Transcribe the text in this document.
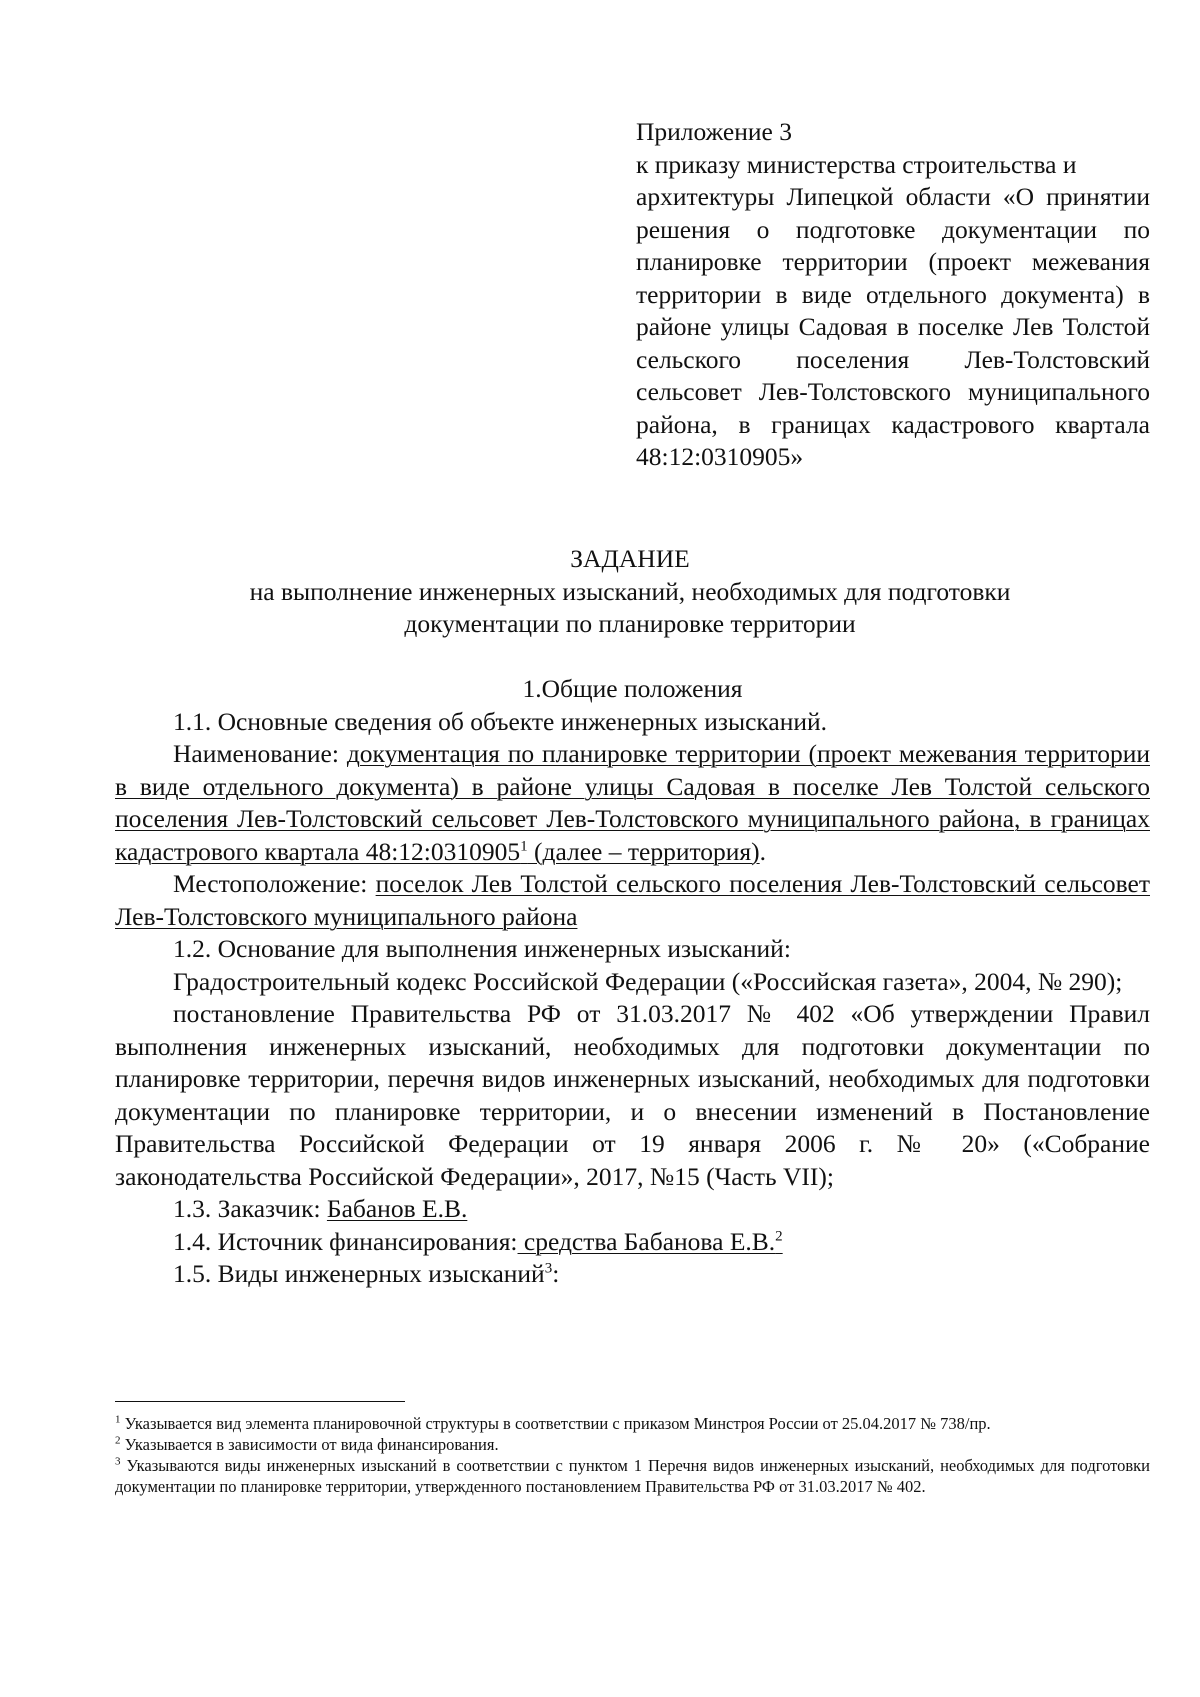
Приложение 3
к приказу министерства строительства и
архитектуры Липецкой области «О принятии решения о подготовке документации по планировке территории (проект межевания территории в виде отдельного документа) в районе улицы Садовая в поселке Лев Толстой сельского поселения Лев-Толстовский сельсовет Лев-Толстовского муниципального района, в границах кадастрового квартала 48:12:0310905»
ЗАДАНИЕ
на выполнение инженерных изысканий, необходимых для подготовки
документации по планировке территории
1.Общие положения

1.1. Основные сведения об объекте инженерных изысканий.

Наименование: документация по планировке территории (проект межевания территории в виде отдельного документа) в районе улицы Садовая в поселке Лев Толстой сельского поселения Лев-Толстовский сельсовет Лев-Толстовского муниципального района, в границах кадастрового квартала 48:12:0310905$^1$ (далее – территория).

Местоположение: поселок Лев Толстой сельского поселения Лев-Толстовский сельсовет Лев-Толстовского муниципального района

1.2. Основание для выполнения инженерных изысканий:

Градостроительный кодекс Российской Федерации («Российская газета», 2004, № 290);

постановление Правительства РФ от 31.03.2017 № 402 «Об утверждении Правил выполнения инженерных изысканий, необходимых для подготовки документации по планировке территории, перечня видов инженерных изысканий, необходимых для подготовки документации по планировке территории, и о внесении изменений в Постановление Правительства Российской Федерации от 19 января 2006 г. № 20» («Собрание законодательства Российской Федерации», 2017, №15 (Часть VII);

1.3. Заказчик: Бабанов Е.В.

1.4. Источник финансирования: средства Бабанова Е.В.$^2$

1.5. Виды инженерных изысканий$^3$:

$^1$ Указывается вид элемента планировочной структуры в соответствии с приказом Минстроя России от 25.04.2017 № 738/пр.
$^2$ Указывается в зависимости от вида финансирования.
$^3$ Указываются виды инженерных изысканий в соответствии с пунктом 1 Перечня видов инженерных изысканий, необходимых для подготовки документации по планировке территории, утвержденного постановлением Правительства РФ от 31.03.2017 № 402.
